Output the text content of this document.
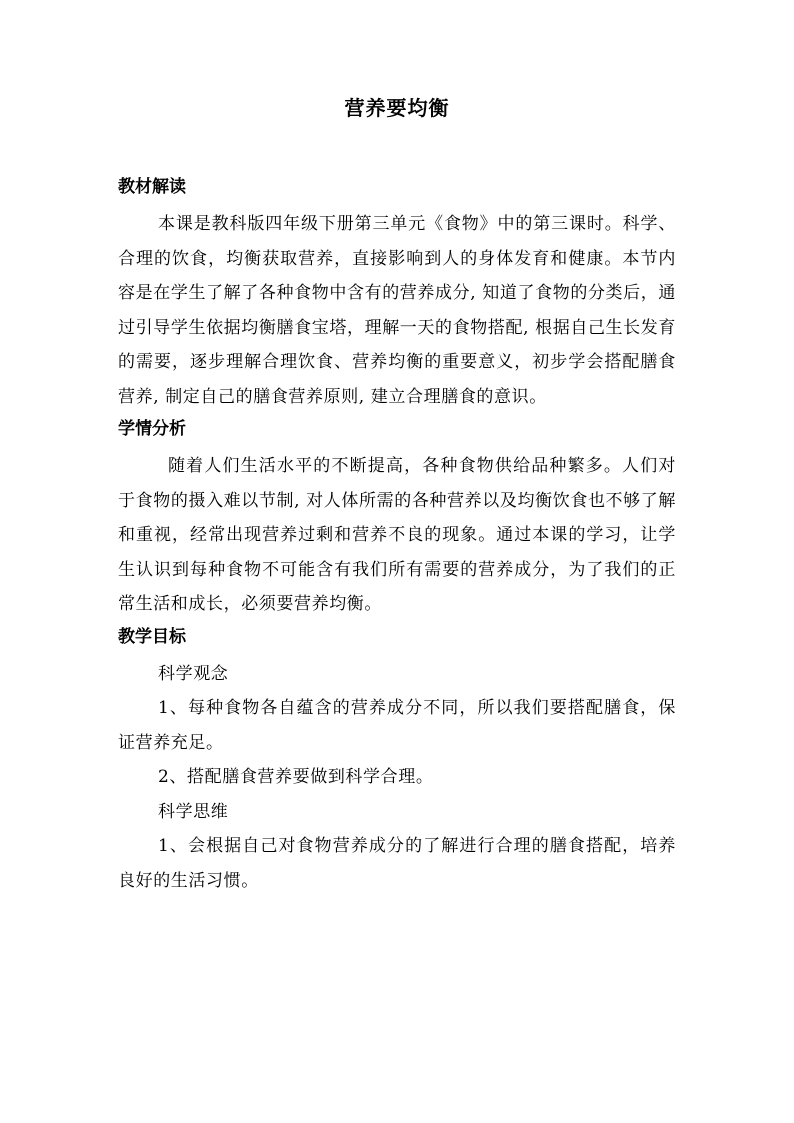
营养要均衡
教材解读

本课是教科版四年级下册第三单元《食物》中的第三课时。科学、合理的饮食，均衡获取营养，直接影响到人的身体发育和健康。本节内容是在学生了解了各种食物中含有的营养成分, 知道了食物的分类后，通过引导学生依据均衡膳食宝塔，理解一天的食物搭配, 根据自己生长发育的需要，逐步理解合理饮食、营养均衡的重要意义，初步学会搭配膳食营养, 制定自己的膳食营养原则, 建立合理膳食的意识。

学情分析

随着人们生活水平的不断提高，各种食物供给品种繁多。人们对于食物的摄入难以节制, 对人体所需的各种营养以及均衡饮食也不够了解和重视，经常出现营养过剩和营养不良的现象。通过本课的学习，让学生认识到每种食物不可能含有我们所有需要的营养成分，为了我们的正常生活和成长，必须要营养均衡。

教学目标

科学观念

1、每种食物各自蕴含的营养成分不同，所以我们要搭配膳食，保证营养充足。

2、搭配膳食营养要做到科学合理。

科学思维

1、会根据自己对食物营养成分的了解进行合理的膳食搭配，培养良好的生活习惯。
